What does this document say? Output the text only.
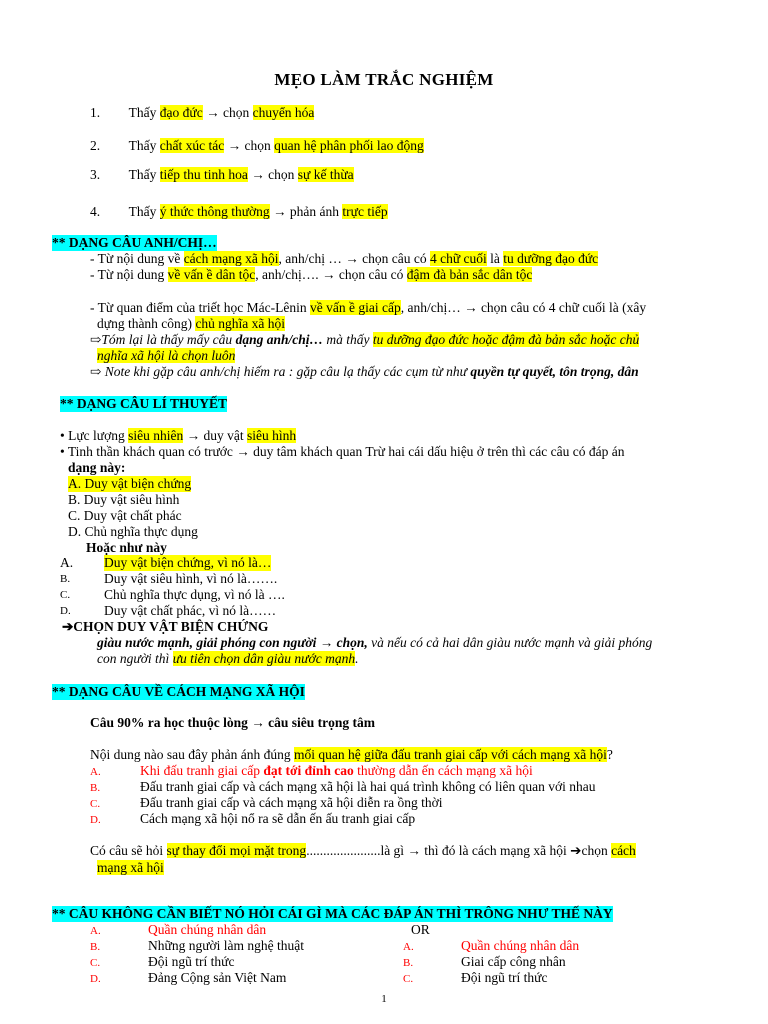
MẸO LÀM TRẮC NGHIỆM
1. Thấy đạo đức → chọn chuyển hóa
2. Thấy chất xúc tác → chọn quan hệ phân phối lao động
3. Thấy tiếp thu tinh hoa → chọn sự kế thừa
4. Thấy ý thức thông thường → phản ánh trực tiếp
** DẠNG CÂU ANH/CHỊ…
- Từ nội dung về cách mạng xã hội, anh/chị … → chọn câu có 4 chữ cuối là tu dưỡng đạo đức
- Từ nội dung về vấn ề dân tộc, anh/chị…. → chọn câu có đậm đà bản sắc dân tộc
- Từ quan điểm của triết học Mác-Lênin về vấn ề giai cấp, anh/chị… → chọn câu có 4 chữ cuối là (xây
dựng thành công) chủ nghĩa xã hội
⇨Tóm lại là thấy mấy câu dạng anh/chị… mà thấy tu dưỡng đạo đức hoặc đậm đà bản sắc hoặc chủ
nghĩa xã hội là chọn luôn
⇨ Note khi gặp câu anh/chị hiếm ra : gặp câu lạ thấy các cụm từ như quyền tự quyết, tôn trọng, dân
** DẠNG CÂU LÍ THUYẾT
• Lực lượng siêu nhiên → duy vật siêu hình
• Tinh thần khách quan có trước → duy tâm khách quan Trừ hai cái dấu hiệu ở trên thì các câu có đáp án
dạng này:
A. Duy vật biện chứng
B. Duy vật siêu hình
C. Duy vật chất phác
D. Chủ nghĩa thực dụng
Hoặc như này
A. Duy vật biện chứng, vì nó là…
B.	Duy vật siêu hình, vì nó là…….
C.	Chủ nghĩa thực dụng, vì nó là ….
D. Duy vật chất phác, vì nó là……
➔CHỌN DUY VẬT BIỆN CHỨNG
giàu nước mạnh, giải phóng con người → chọn, và nếu có cả hai dân giàu nước mạnh và giải phóng
con người thì ưu tiên chọn dân giàu nước mạnh.
** DẠNG CÂU VỀ CÁCH MẠNG XÃ HỘI
Câu 90% ra học thuộc lòng → câu siêu trọng tâm
Nội dung nào sau đây phản ánh đúng mối quan hệ giữa đấu tranh giai cấp với cách mạng xã hội?
A.	Khi đấu tranh giai cấp đạt tới đỉnh cao thường dẫn ến cách mạng xã hội
B.	Đấu tranh giai cấp và cách mạng xã hội là hai quá trình không có liên quan với nhau
C.	Đấu tranh giai cấp và cách mạng xã hội diễn ra ồng thời
D.	Cách mạng xã hội nổ ra sẽ dẫn ến ấu tranh giai cấp
Có câu sẽ hỏi sự thay đổi mọi mặt trong......................là gì → thì đó là cách mạng xã hội ➔chọn cách
mạng xã hội
** CÂU KHÔNG CẦN BIẾT NÓ HỎI CÁI GÌ MÀ CÁC ĐÁP ÁN THÌ TRÔNG NHƯ THẾ NÀY
A.	Quần chúng nhân dân
B.	Những người làm nghệ thuật
C.	Đội ngũ trí thức
D.	Đảng Cộng sản Việt Nam
OR
A.	Quần chúng nhân dân
B.	Giai cấp công nhân
C.	Đội ngũ trí thức
1
